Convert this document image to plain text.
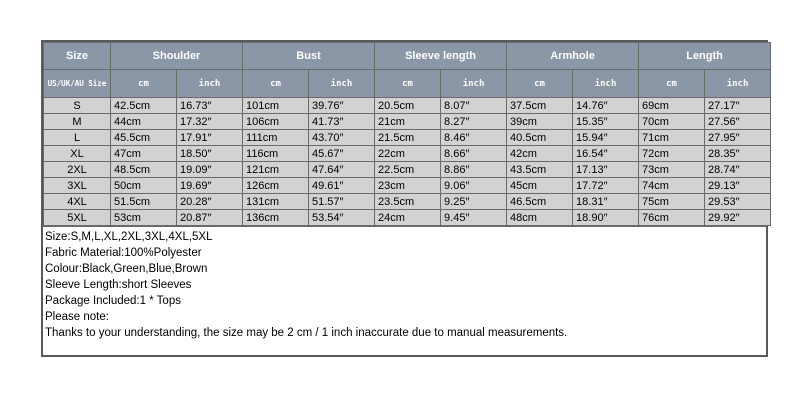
Size	Shoulder		Bust		Sleeve length		Armhole		Length	
US/UK/AU Size	cm	inch	cm	inch	cm	inch	cm	inch	cm	inch
S	42.5cm	16.73″	101cm	39.76″	20.5cm	8.07″	37.5cm	14.76″	69cm	27.17″
M	44cm	17.32″	106cm	41.73″	21cm	8.27″	39cm	15.35″	70cm	27.56″
L	45.5cm	17.91″	111cm	43.70″	21.5cm	8.46″	40.5cm	15.94″	71cm	27.95″
XL	47cm	18.50″	116cm	45.67″	22cm	8.66″	42cm	16.54″	72cm	28.35″
2XL	48.5cm	19.09″	121cm	47.64″	22.5cm	8.86″	43.5cm	17.13″	73cm	28.74″
3XL	50cm	19.69″	126cm	49.61″	23cm	9.06″	45cm	17.72″	74cm	29.13″
4XL	51.5cm	20.28″	131cm	51.57″	23.5cm	9.25″	46.5cm	18.31″	75cm	29.53″
5XL	53cm	20.87″	136cm	53.54″	24cm	9.45″	48cm	18.90″	76cm	29.92″
Size:S,M,L,XL,2XL,3XL,4XL,5XL
Fabric Material:100%Polyester
Colour:Black,Green,Blue,Brown
Sleeve Length:short Sleeves
Package Included:1 * Tops
Please note:
Thanks to your understanding, the size may be 2 cm / 1 inch inaccurate due to manual measurements.
